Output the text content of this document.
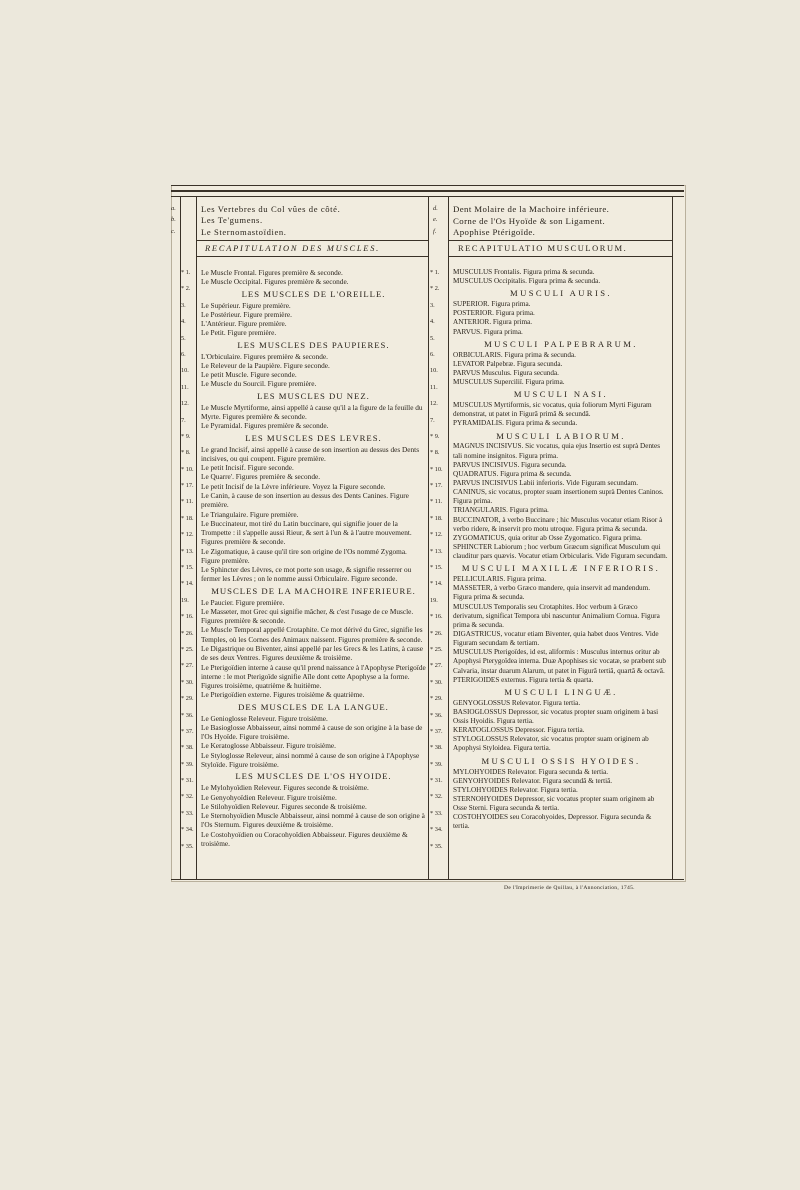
a.
b.
c.
Les Vertebres du Col vûes de côté.
Les Te'gumens.
Le Sternomastoïdien.
d.
e.
f.
Dent Molaire de la Machoire inférieure.
Corne de l'Os Hyoïde & son Ligament.
Apophise Ptérigoïde.
RECAPITULATION DES MUSCLES.	RECAPITULATIO MUSCULORUM.
* 1.
* 2.
3.
4.
5.
6.
10.
11.
12.
7.
* 9.
* 8.
* 10.
* 17.
* 11.
* 18.
* 12.
* 13.
* 15.
* 14.
19.
* 16.
* 26.
* 25.
* 27.
* 30.
* 29.
* 36.
* 37.
* 38.
* 39.
* 31.
* 32.
* 33.
* 34.
* 35.
* 1.
* 2.
3.
4.
5.
6.
10.
11.
12.
7.
* 9.
* 8.
* 10.
* 17.
* 11.
* 18.
* 12.
* 13.
* 15.
* 14.
19.
* 16.
* 26.
* 25.
* 27.
* 30.
* 29.
* 36.
* 37.
* 38.
* 39.
* 31.
* 32.
* 33.
* 34.
* 35.
Le Muscle Frontal. Figures première & seconde.
Le Muscle Occipital. Figures première & seconde.
LES MUSCLES DE L'OREILLE.
Le Supérieur. Figure première.
Le Postérieur. Figure première.
L'Antérieur. Figure première.
Le Petit. Figure première.
LES MUSCLES DES PAUPIERES.
L'Orbiculaire. Figures première & seconde.
Le Releveur de la Paupière. Figure seconde.
Le petit Muscle. Figure seconde.
Le Muscle du Sourcil. Figure première.
LES MUSCLES DU NEZ.
Le Muscle Myrtiforme, ainsi appellé à cause qu'il a la figure de la feuille du Myrte. Figures première & seconde.
Le Pyramidal. Figures première & seconde.
LES MUSCLES DES LEVRES.
Le grand Incisif, ainsi appellé à cause de son insertion au dessus des Dents incisives, ou qui coupent. Figure première.
Le petit Incisif. Figure seconde.
Le Quarre'. Figures première & seconde.
Le petit Incisif de la Lèvre inférieure. Voyez la Figure seconde.
Le Canin, à cause de son insertion au dessus des Dents Canines. Figure première.
Le Triangulaire. Figure première.
Le Buccinateur, mot tiré du Latin buccinare, qui signifie jouer de la Trompette : il s'appelle aussi Rieur, & sert à l'un & à l'autre mouvement. Figures première & seconde.
Le Zigomatique, à cause qu'il tire son origine de l'Os nommé Zygoma. Figure première.
Le Sphincter des Lèvres, ce mot porte son usage, & signifie resserrer ou fermer les Lèvres ; on le nomme aussi Orbiculaire. Figure seconde.
MUSCLES DE LA MACHOIRE INFERIEURE.
Le Paucier. Figure première.
Le Masseter, mot Grec qui signifie mâcher, & c'est l'usage de ce Muscle. Figures première & seconde.
Le Muscle Temporal appellé Crotaphite. Ce mot dérivé du Grec, signifie les Temples, où les Cornes des Animaux naissent. Figures première & seconde.
Le Digastrique ou Biventer, ainsi appellé par les Grecs & les Latins, à cause de ses deux Ventres. Figures deuxième & troisième.
Le Pterigoïdien interne à cause qu'il prend naissance à l'Apophyse Pterigoïde interne : le mot Pterigoïde signifie Aîle dont cette Apophyse a la forme. Figures troisième, quatrième & huitième.
Le Pterigoïdien externe. Figures troisième & quatrième.
DES MUSCLES DE LA LANGUE.
Le Genioglosse Releveur. Figure troisième.
Le Basioglosse Abbaisseur, ainsi nommé à cause de son origine à la base de l'Os Hyoïde. Figure troisième.
Le Keratoglosse Abbaisseur. Figure troisième.
Le Styloglosse Releveur, ainsi nommé à cause de son origine à l'Apophyse Styloïde. Figure troisième.
LES MUSCLES DE L'OS HYOIDE.
Le Mylohyoïdien Releveur. Figures seconde & troisième.
Le Genyohyoïdien Releveur. Figure troisième.
Le Stilohyoïdien Releveur. Figures seconde & troisième.
Le Sternohyoïdien Muscle Abbaisseur, ainsi nommé à cause de son origine à l'Os Sternum. Figures deuxième & troisième.
Le Costohyoïdien ou Coracohyoïdien Abbaisseur. Figures deuxième & troisième.
MUSCULUS Frontalis. Figura prima & secunda.
MUSCULUS Occipitalis. Figura prima & secunda.
MUSCULI AURIS.
SUPERIOR. Figura prima.
POSTERIOR. Figura prima.
ANTERIOR. Figura prima.
PARVUS. Figura prima.
MUSCULI PALPEBRARUM.
ORBICULARIS. Figura prima & secunda.
LEVATOR Palpebræ. Figura secunda.
PARVUS Musculus. Figura secunda.
MUSCULUS Superciliï. Figura prima.
MUSCULI NASI.
MUSCULUS Myrtiformis, sic vocatus, quia foliorum Myrti Figuram demonstrat, ut patet in Figurâ primâ & secundâ.
PYRAMIDALIS. Figura prima & secunda.
MUSCULI LABIORUM.
MAGNUS INCISIVUS. Sic vocatus, quia ejus Insertio est suprà Dentes tali nomine insignitos. Figura prima.
PARVUS INCISIVUS. Figura secunda.
QUADRATUS. Figura prima & secunda.
PARVUS INCISIVUS Labii inferioris. Vide Figuram secundam.
CANINUS, sic vocatus, propter suam insertionem suprà Dentes Caninos. Figura prima.
TRIANGULARIS. Figura prima.
BUCCINATOR, à verbo Buccinare ; hic Musculus vocatur etiam Risor à verbo ridere, & inservit pro motu utroque. Figura prima & secunda.
ZYGOMATICUS, quia oritur ab Osse Zygomatico. Figura prima.
SPHINCTER Labiorum ; hoc verbum Græcum significat Musculum qui clauditur pars quævis. Vocatur etiam Orbicularis. Vide Figuram secundam.
MUSCULI MAXILLÆ INFERIORIS.
PELLICULARIS. Figura prima.
MASSETER, à verbo Græco mandere, quia inservit ad mandendum. Figura prima & secunda.
MUSCULUS Temporalis seu Crotaphites. Hoc verbum à Græco derivatum, significat Tempora ubi nascuntur Animalium Cornua. Figura prima & secunda.
DIGASTRICUS, vocatur etiam Biventer, quia habet duos Ventres. Vide Figuram secundam & tertiam.
MUSCULUS Pterigoïdes, id est, aliformis : Musculus internus oritur ab Apophysi Pterygoïdea interna. Duæ Apophises sic vocatæ, se præbent sub Calvaria, instar duarum Alarum, ut patet in Figurâ tertiâ, quartâ & octavâ.
PTERIGOIDES externus. Figura tertia & quarta.
MUSCULI LINGUÆ.
GENYOGLOSSUS Relevator. Figura tertia.
BASIOGLOSSUS Depressor, sic vocatus propter suam originem à basi Ossis Hyoidis. Figura tertia.
KERATOGLOSSUS Depressor. Figura tertia.
STYLOGLOSSUS Relevator, sic vocatus propter suam originem ab Apophysi Styloidea. Figura tertia.
MUSCULI OSSIS HYOIDES.
MYLOHYOIDES Relevator. Figura secunda & tertia.
GENYOHYOIDES Relevator. Figura secundâ & tertiâ.
STYLOHYOIDES Relevator. Figura tertia.
STERNOHYOIDES Depressor, sic vocatus propter suam originem ab Osse Sterni. Figura secunda & tertia.
COSTOHYOIDES seu Coracohyoides, Depressor. Figura secunda & tertia.
De l'Imprimerie de Quillau, à l'Annonciation, 1745.
